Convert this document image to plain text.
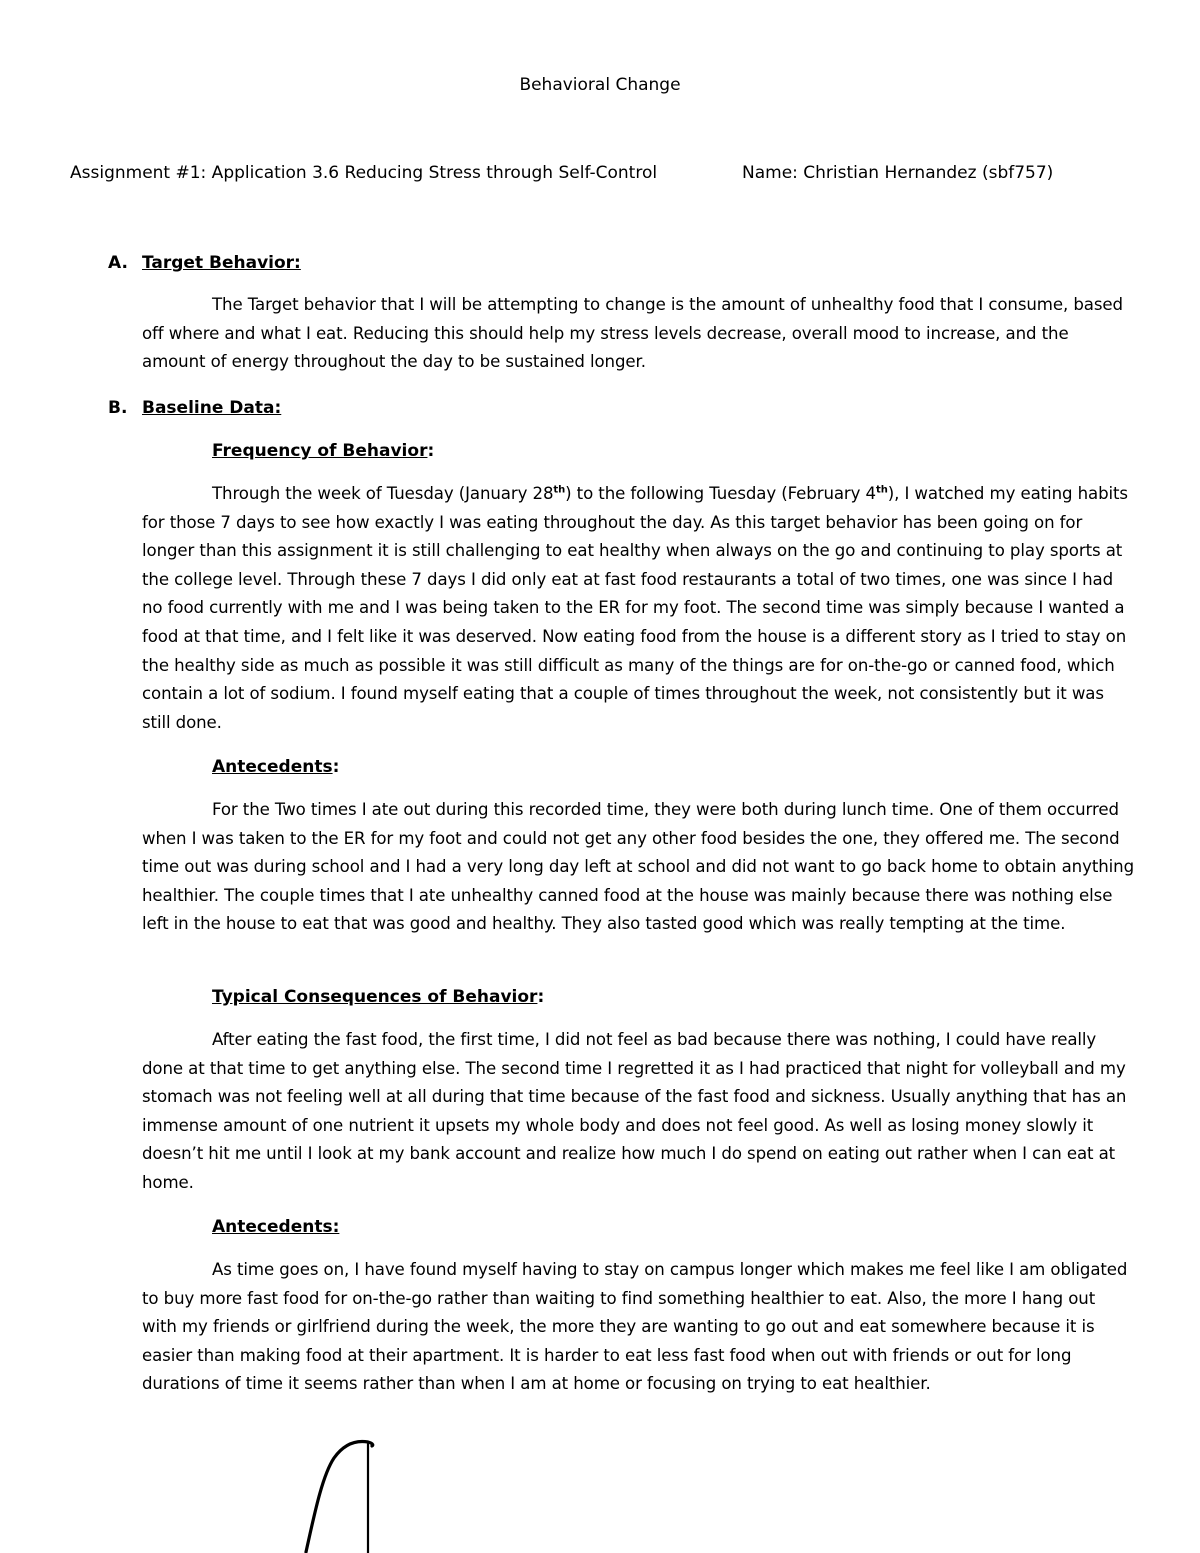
Behavioral Change
Assignment #1: Application 3.6 Reducing Stress through Self-Control	Name: Christian Hernandez (sbf757)
A. Target Behavior:

The Target behavior that I will be attempting to change is the amount of unhealthy food that I consume, based off where and what I eat. Reducing this should help my stress levels decrease, overall mood to increase, and the amount of energy throughout the day to be sustained longer.

B. Baseline Data:
Frequency of Behavior:

Through the week of Tuesday (January 28th) to the following Tuesday (February 4th), I watched my eating habits for those 7 days to see how exactly I was eating throughout the day. As this target behavior has been going on for longer than this assignment it is still challenging to eat healthy when always on the go and continuing to play sports at the college level. Through these 7 days I did only eat at fast food restaurants a total of two times, one was since I had no food currently with me and I was being taken to the ER for my foot. The second time was simply because I wanted a food at that time, and I felt like it was deserved. Now eating food from the house is a different story as I tried to stay on the healthy side as much as possible it was still difficult as many of the things are for on-the-go or canned food, which contain a lot of sodium. I found myself eating that a couple of times throughout the week, not consistently but it was still done.

Antecedents:

For the Two times I ate out during this recorded time, they were both during lunch time. One of them occurred when I was taken to the ER for my foot and could not get any other food besides the one, they offered me. The second time out was during school and I had a very long day left at school and did not want to go back home to obtain anything healthier. The couple times that I ate unhealthy canned food at the house was mainly because there was nothing else left in the house to eat that was good and healthy. They also tasted good which was really tempting at the time.

Typical Consequences of Behavior:

After eating the fast food, the first time, I did not feel as bad because there was nothing, I could have really done at that time to get anything else. The second time I regretted it as I had practiced that night for volleyball and my stomach was not feeling well at all during that time because of the fast food and sickness. Usually anything that has an immense amount of one nutrient it upsets my whole body and does not feel good. As well as losing money slowly it doesn’t hit me until I look at my bank account and realize how much I do spend on eating out rather when I can eat at home.

Antecedents:

As time goes on, I have found myself having to stay on campus longer which makes me feel like I am obligated to buy more fast food for on-the-go rather than waiting to find something healthier to eat. Also, the more I hang out with my friends or girlfriend during the week, the more they are wanting to go out and eat somewhere because it is easier than making food at their apartment. It is harder to eat less fast food when out with friends or out for long durations of time it seems rather than when I am at home or focusing on trying to eat healthier.
